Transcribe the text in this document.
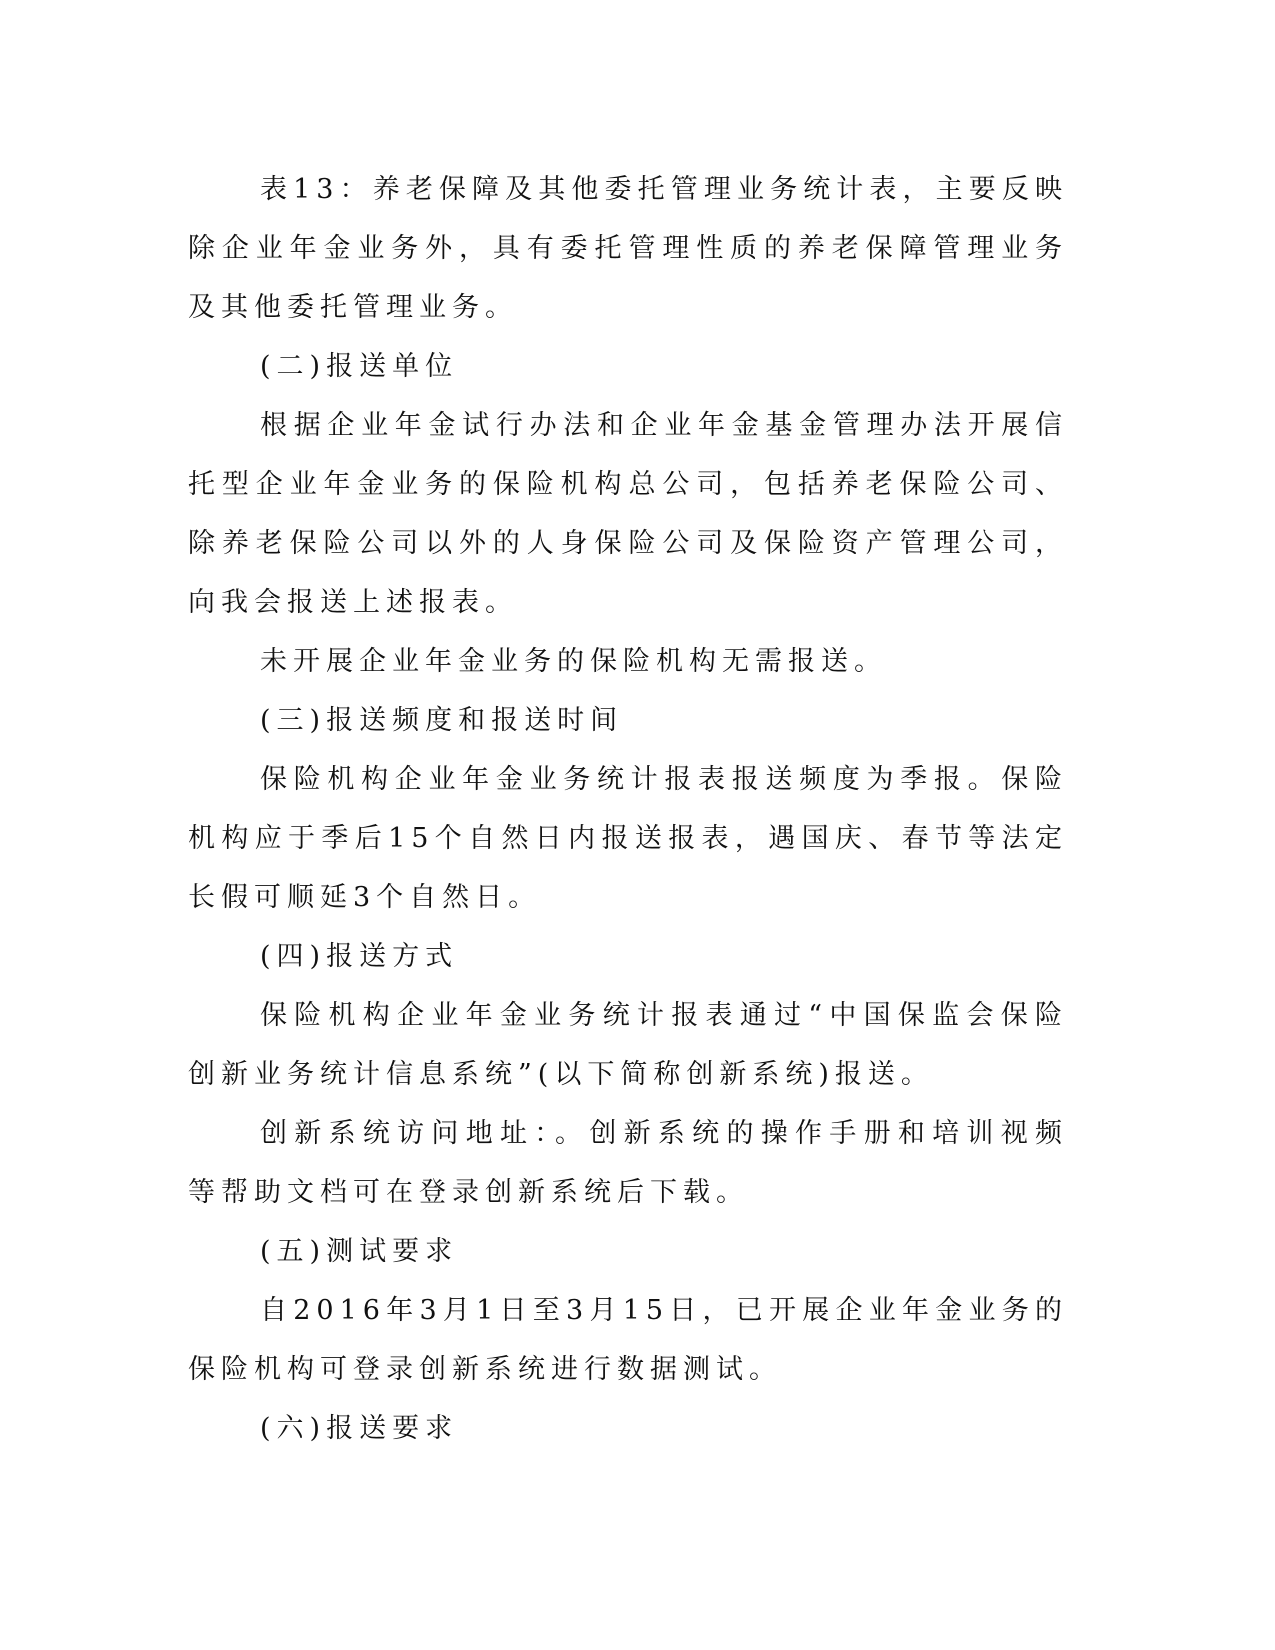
表13：养老保障及其他委托管理业务统计表，主要反映除企业年金业务外，具有委托管理性质的养老保障管理业务及其他委托管理业务。

(二)报送单位

根据企业年金试行办法和企业年金基金管理办法开展信托型企业年金业务的保险机构总公司，包括养老保险公司、除养老保险公司以外的人身保险公司及保险资产管理公司，向我会报送上述报表。

未开展企业年金业务的保险机构无需报送。

(三)报送频度和报送时间

保险机构企业年金业务统计报表报送频度为季报。保险机构应于季后15个自然日内报送报表，遇国庆、春节等法定长假可顺延3个自然日。

(四)报送方式

保险机构企业年金业务统计报表通过“中国保监会保险创新业务统计信息系统”(以下简称创新系统)报送。

创新系统访问地址：。创新系统的操作手册和培训视频等帮助文档可在登录创新系统后下载。

(五)测试要求

自2016年3月1日至3月15日，已开展企业年金业务的保险机构可登录创新系统进行数据测试。

(六)报送要求
